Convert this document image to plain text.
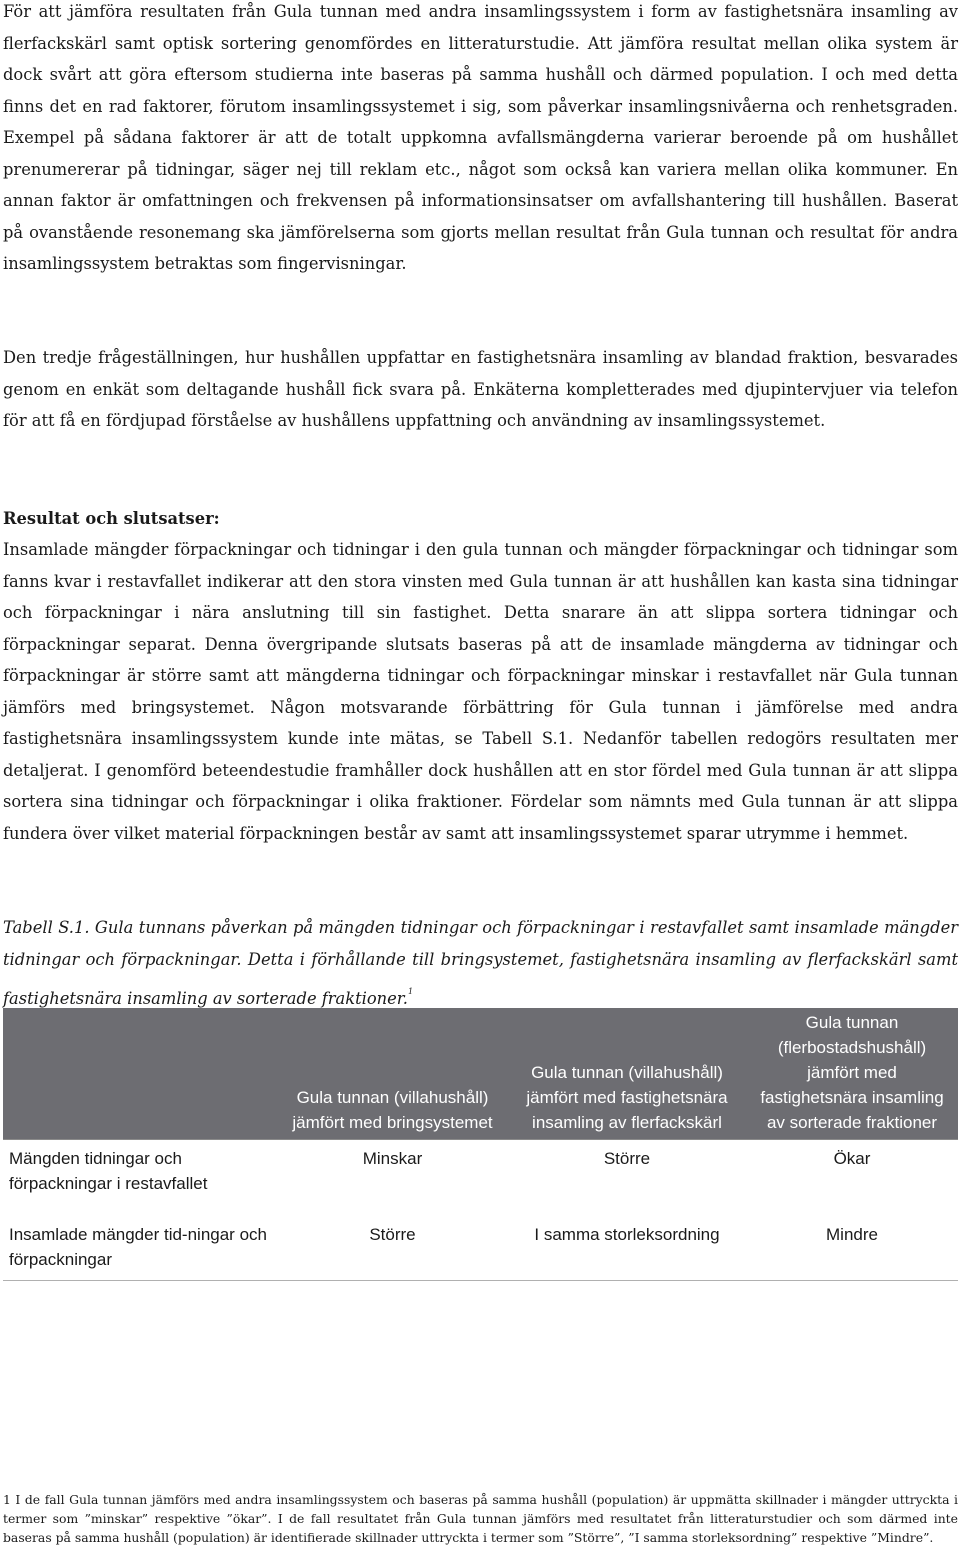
För att jämföra resultaten från Gula tunnan med andra insamlingssystem i form av fastighetsnära insamling av flerfackskärl samt optisk sortering genomfördes en litteraturstudie. Att jämföra resultat mellan olika system är dock svårt att göra eftersom studierna inte baseras på samma hushåll och därmed population. I och med detta finns det en rad faktorer, förutom insamlingssystemet i sig, som påverkar insamlingsnivåerna och renhetsgraden. Exempel på sådana faktorer är att de totalt uppkomna avfallsmängderna varierar beroende på om hushållet prenumererar på tidningar, säger nej till reklam etc., något som också kan variera mellan olika kommuner. En annan faktor är omfattningen och frekvensen på informationsinsatser om avfallshantering till hushållen. Baserat på ovanstående resonemang ska jämförelserna som gjorts mellan resultat från Gula tunnan och resultat för andra insamlingssystem betraktas som fingervisningar.

Den tredje frågeställningen, hur hushållen uppfattar en fastighetsnära insamling av blandad fraktion, besvarades genom en enkät som deltagande hushåll fick svara på. Enkäterna kompletterades med djupintervjuer via telefon för att få en fördjupad förståelse av hushållens uppfattning och användning av insamlingssystemet.

Resultat och slutsatser:

Insamlade mängder förpackningar och tidningar i den gula tunnan och mängder förpackningar och tidningar som fanns kvar i restavfallet indikerar att den stora vinsten med Gula tunnan är att hushållen kan kasta sina tidningar och förpackningar i nära anslutning till sin fastighet. Detta snarare än att slippa sortera tidningar och förpackningar separat. Denna övergripande slutsats baseras på att de insamlade mängderna av tidningar och förpackningar är större samt att mängderna tidningar och förpackningar minskar i restavfallet när Gula tunnan jämförs med bringsystemet. Någon motsvarande förbättring för Gula tunnan i jämförelse med andra fastighetsnära insamlingssystem kunde inte mätas, se Tabell S.1. Nedanför tabellen redogörs resultaten mer detaljerat. I genomförd beteendestudie framhåller dock hushållen att en stor fördel med Gula tunnan är att slippa sortera sina tidningar och förpackningar i olika fraktioner. Fördelar som nämnts med Gula tunnan är att slippa fundera över vilket material förpackningen består av samt att insamlingssystemet sparar utrymme i hemmet.

Tabell S.1. Gula tunnans påverkan på mängden tidningar och förpackningar i restavfallet samt insamlade mängder tidningar och förpackningar. Detta i förhållande till bringsystemet, fastighetsnära insamling av flerfackskärl samt fastighetsnära insamling av sorterade fraktioner.$^1$

	Gula tunnan (villahushåll) jämfört med bringsystemet	Gula tunnan (villahushåll) jämfört med fastighetsnära insamling av flerfackskärl	Gula tunnan (flerbostadshushåll) jämfört med fastighetsnära insamling av sorterade fraktioner
Mängden tidningar och förpackningar i restavfallet	Minskar	Större	Ökar
Insamlade mängder tid-ningar och förpackningar	Större	I samma storleksordning	Mindre

1 I de fall Gula tunnan jämförs med andra insamlingssystem och baseras på samma hushåll (population) är uppmätta skillnader i mängder uttryckta i termer som ”minskar” respektive ”ökar”. I de fall resultatet från Gula tunnan jämförs med resultatet från litteraturstudier och som därmed inte baseras på samma hushåll (population) är identifierade skillnader uttryckta i termer som ”Större”, ”I samma storleksordning” respektive ”Mindre”.
